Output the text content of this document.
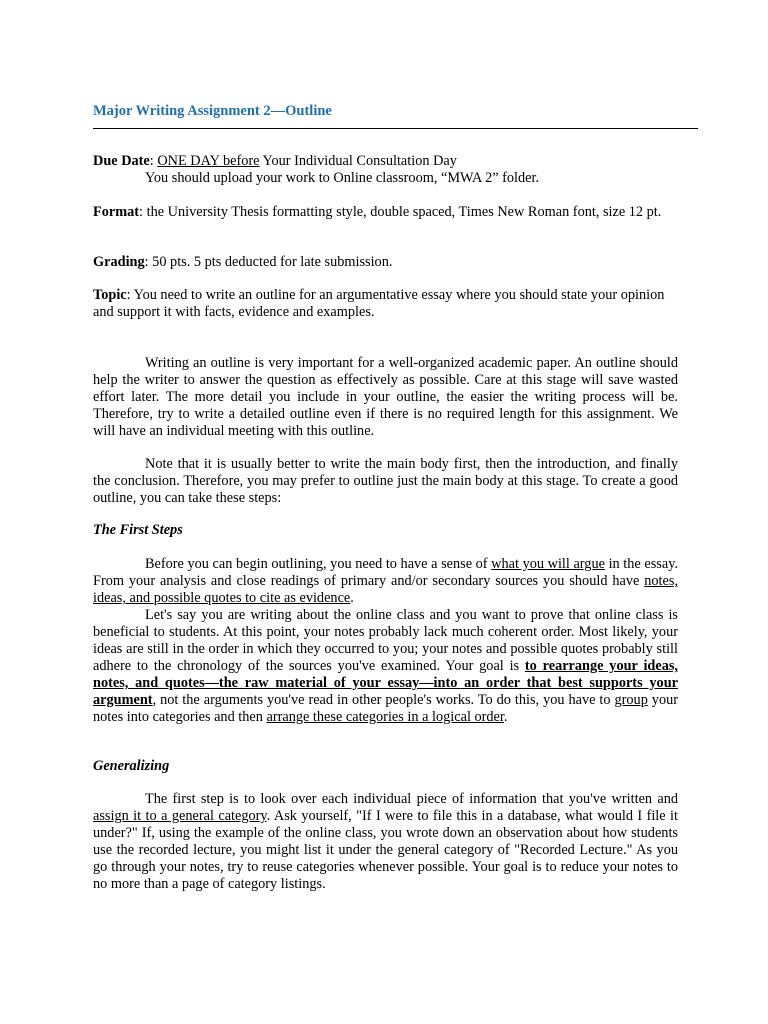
Major Writing Assignment 2—Outline

Due Date: ONE DAY before Your Individual Consultation Day

You should upload your work to Online classroom, “MWA 2” folder.

Format: the University Thesis formatting style, double spaced, Times New Roman font, size 12 pt.

Grading: 50 pts. 5 pts deducted for late submission.

Topic: You need to write an outline for an argumentative essay where you should state your opinion and support it with facts, evidence and examples.

Writing an outline is very important for a well-organized academic paper. An outline should help the writer to answer the question as effectively as possible. Care at this stage will save wasted effort later. The more detail you include in your outline, the easier the writing process will be. Therefore, try to write a detailed outline even if there is no required length for this assignment. We will have an individual meeting with this outline.

Note that it is usually better to write the main body first, then the introduction, and finally the conclusion. Therefore, you may prefer to outline just the main body at this stage. To create a good outline, you can take these steps:

The First Steps

Before you can begin outlining, you need to have a sense of what you will argue in the essay. From your analysis and close readings of primary and/or secondary sources you should have notes, ideas, and possible quotes to cite as evidence.

Let's say you are writing about the online class and you want to prove that online class is beneficial to students. At this point, your notes probably lack much coherent order. Most likely, your ideas are still in the order in which they occurred to you; your notes and possible quotes probably still adhere to the chronology of the sources you've examined. Your goal is to rearrange your ideas, notes, and quotes—the raw material of your essay—into an order that best supports your argument, not the arguments you've read in other people's works. To do this, you have to group your notes into categories and then arrange these categories in a logical order.

Generalizing

The first step is to look over each individual piece of information that you've written and assign it to a general category. Ask yourself, "If I were to file this in a database, what would I file it under?" If, using the example of the online class, you wrote down an observation about how students use the recorded lecture, you might list it under the general category of "Recorded Lecture." As you go through your notes, try to reuse categories whenever possible. Your goal is to reduce your notes to no more than a page of category listings.
